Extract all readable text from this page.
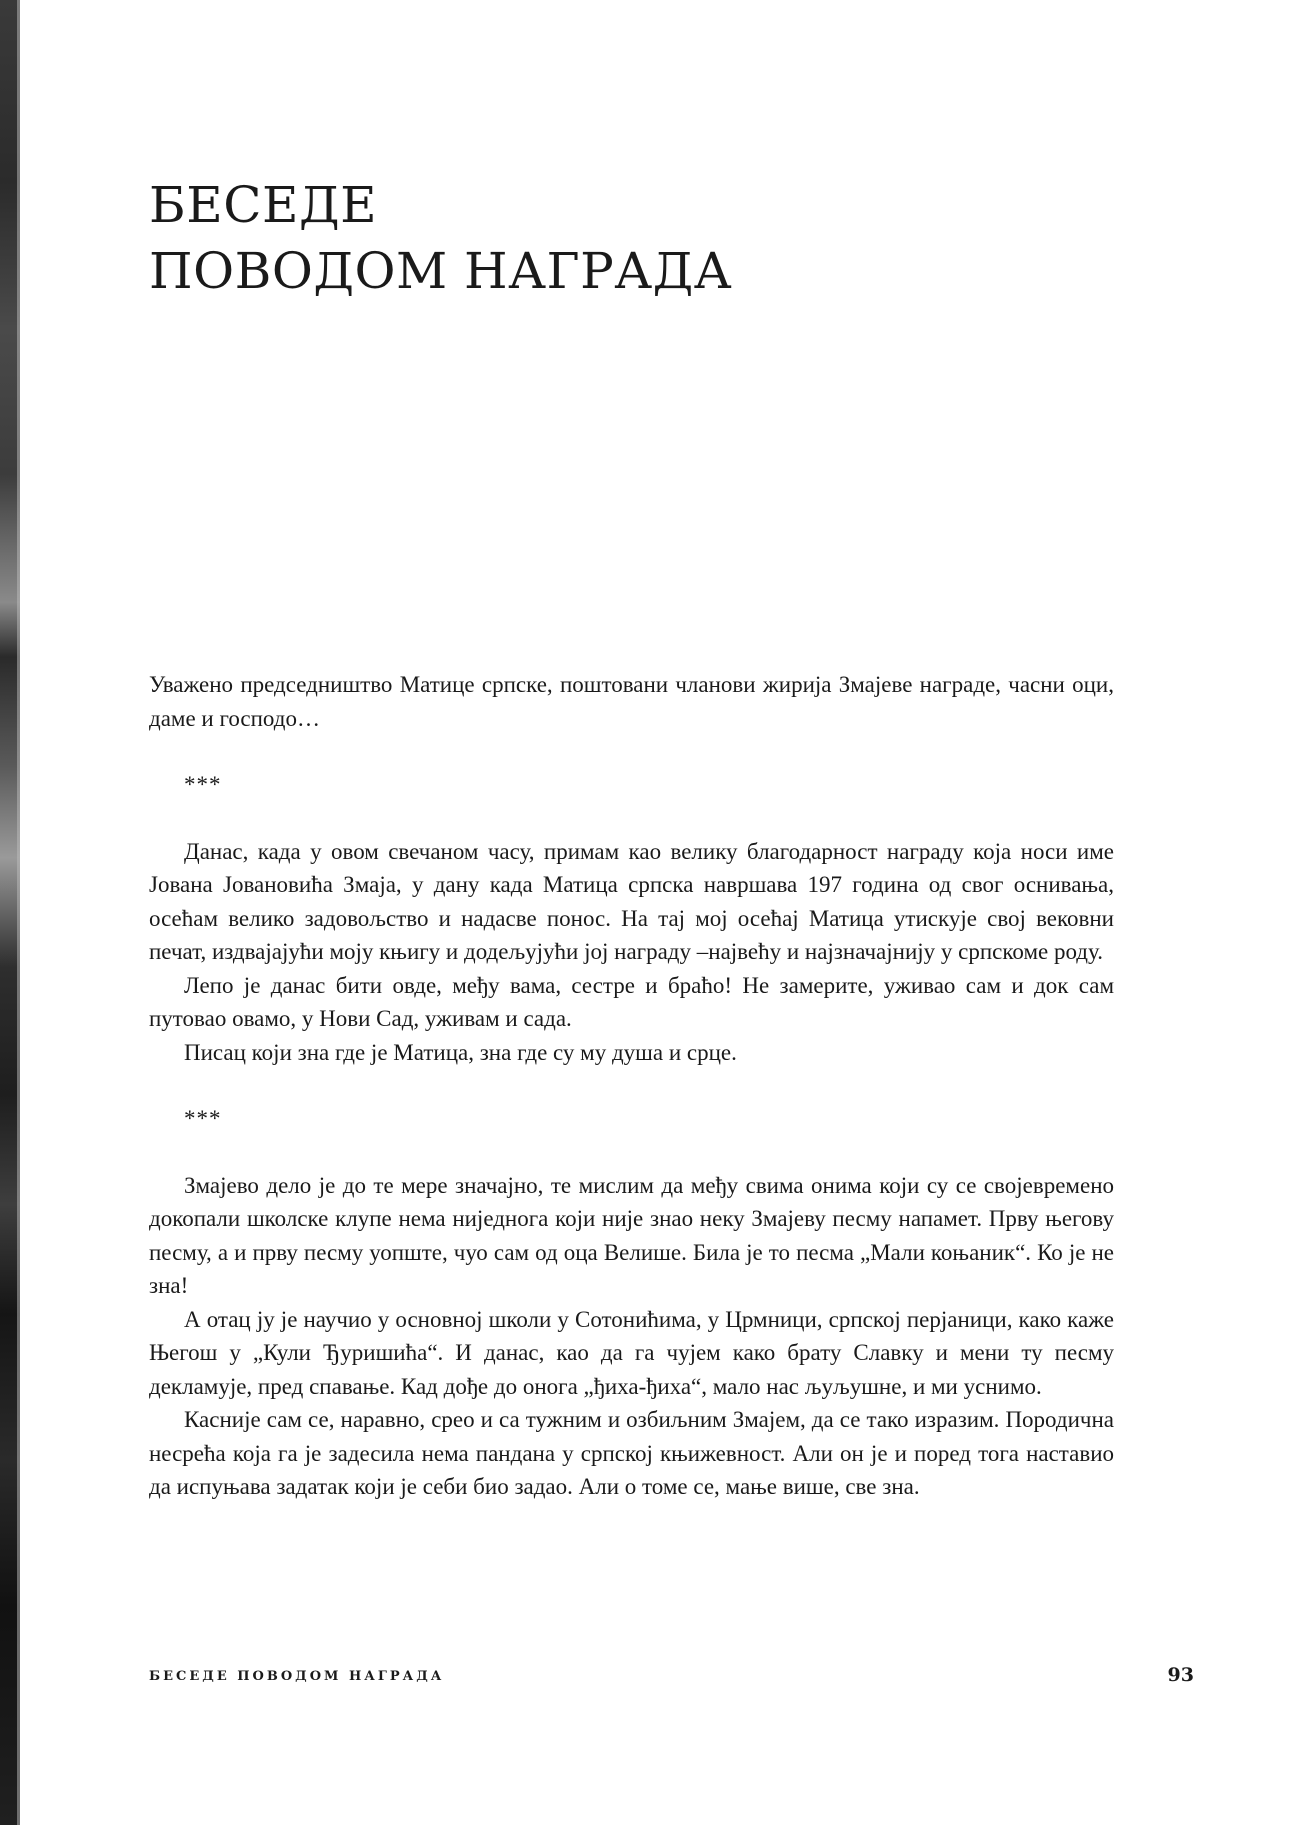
БЕСЕДЕ
ПОВОДОМ НАГРАДА

Уважено председништво Матице српске, поштовани чланови жирија Змајеве награде, часни оци, даме и господо…

***

Данас, када у овом свечаном часу, примам као велику благодарност награду која носи име Јована Јовановића Змаја, у дану када Матица српска навршава 197 година од свог оснивања, осећам велико задовољство и надасве понос. На тај мој осећај Матица утискује свој вековни печат, издвајајући моју књигу и додељујући јој награду –највећу и најзначајнију у српскоме роду.

Лепо је данас бити овде, међу вама, сестре и браћо! Не замерите, уживао сам и док сам путовао овамо, у Нови Сад, уживам и сада.

Писац који зна где је Матица, зна где су му душа и срце.

***

Змајево дело је до те мере значајно, те мислим да међу свима онима који су се својевремено докопали школске клупе нема ниједнога који није знао неку Змајеву песму напамет. Прву његову песму, а и прву песму уопште, чуо сам од оца Велише. Била је то песма „Мали коњаник“. Ко је не зна!

А отац ју је научио у основној школи у Сотонићима, у Црмници, српској перјаници, како каже Његош у „Кули Ђуришића“. И данас, као да га чујем како брату Славку и мени ту песму декламује, пред спавање. Кад дође до онога „ђиха-ђиха“, мало нас љуљушне, и ми уснимо.

Касније сам се, наравно, срео и са тужним и озбиљним Змајем, да се тако изразим. Породична несрећа која га је задесила нема пандана у српској књижевност. Али он је и поред тога наставио да испуњава задатак који је себи био задао. Али о томе се, мање више, све зна.

БЕСЕДЕ ПОВОДОМ НАГРАДА	93
